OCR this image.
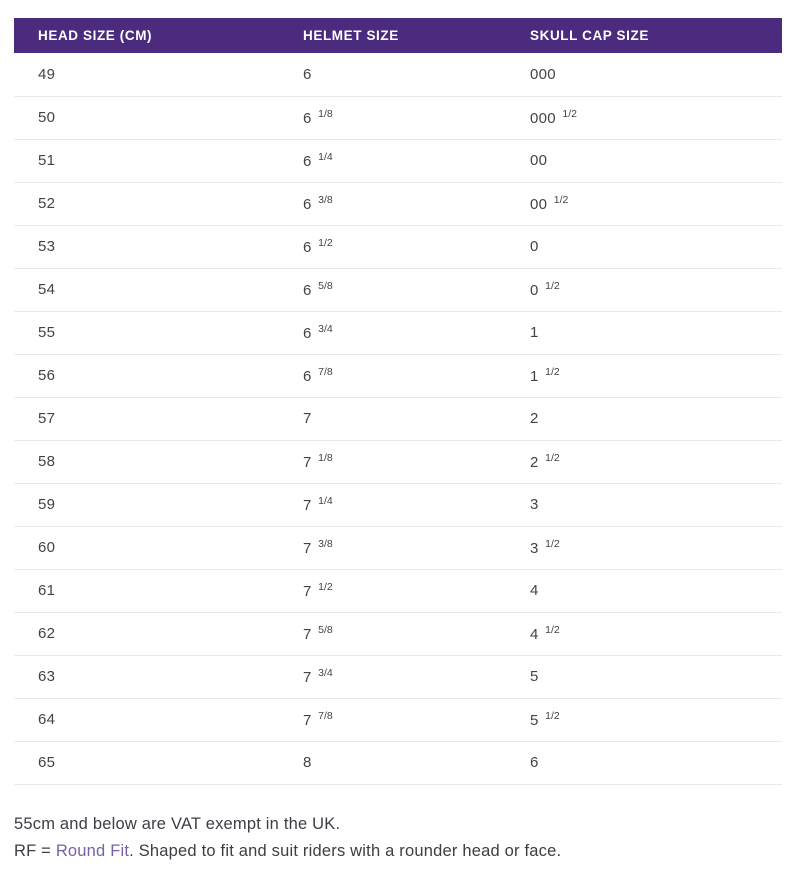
HEAD SIZE (CM)	HELMET SIZE	SKULL CAP SIZE
49	6	000
50	6 $^{1/8}$	000 $^{1/2}$
51	6 $^{1/4}$	00
52	6 $^{3/8}$	00 $^{1/2}$
53	6 $^{1/2}$	0
54	6 $^{5/8}$	0 $^{1/2}$
55	6 $^{3/4}$	1
56	6 $^{7/8}$	1 $^{1/2}$
57	7	2
58	7 $^{1/8}$	2 $^{1/2}$
59	7 $^{1/4}$	3
60	7 $^{3/8}$	3 $^{1/2}$
61	7 $^{1/2}$	4
62	7 $^{5/8}$	4 $^{1/2}$
63	7 $^{3/4}$	5
64	7 $^{7/8}$	5 $^{1/2}$
65	8	6

55cm and below are VAT exempt in the UK.

RF = Round Fit. Shaped to fit and suit riders with a rounder head or face.
